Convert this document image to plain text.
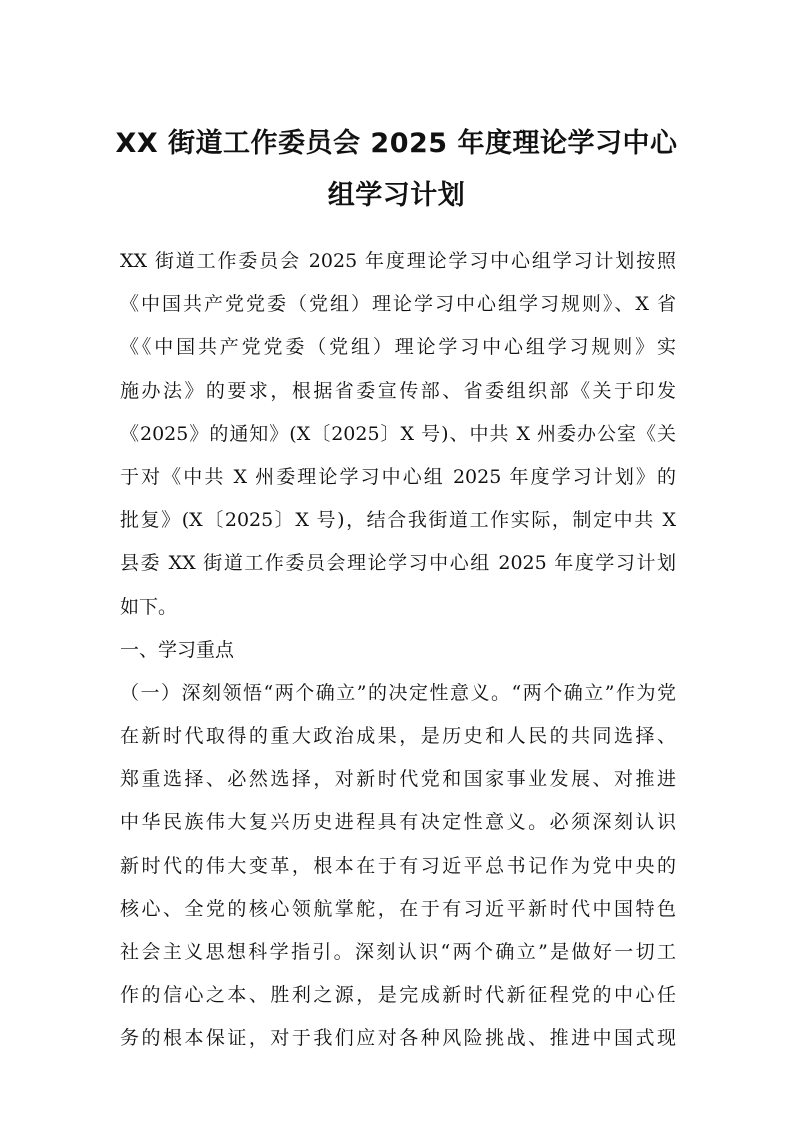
XX 街道工作委员会 2025 年度理论学习中心
组学习计划
XX 街道工作委员会 2025 年度理论学习中心组学习计划按照
《中国共产党党委（党组）理论学习中心组学习规则》、X 省
《《中国共产党党委（党组）理论学习中心组学习规则》实
施办法》的要求，根据省委宣传部、省委组织部《关于印发
《2025》的通知》(X〔2025〕X 号)、中共 X 州委办公室《关
于对《中共 X 州委理论学习中心组 2025 年度学习计划》的
批复》(X〔2025〕X 号)，结合我街道工作实际，制定中共 X
县委 XX 街道工作委员会理论学习中心组 2025 年度学习计划
如下。
一、学习重点
（一）深刻领悟“两个确立”的决定性意义。“两个确立”作为党
在新时代取得的重大政治成果，是历史和人民的共同选择、
郑重选择、必然选择，对新时代党和国家事业发展、对推进
中华民族伟大复兴历史进程具有决定性意义。必须深刻认识
新时代的伟大变革，根本在于有习近平总书记作为党中央的
核心、全党的核心领航掌舵，在于有习近平新时代中国特色
社会主义思想科学指引。深刻认识“两个确立”是做好一切工
作的信心之本、胜利之源，是完成新时代新征程党的中心任
务的根本保证，对于我们应对各种风险挑战、推进中国式现
